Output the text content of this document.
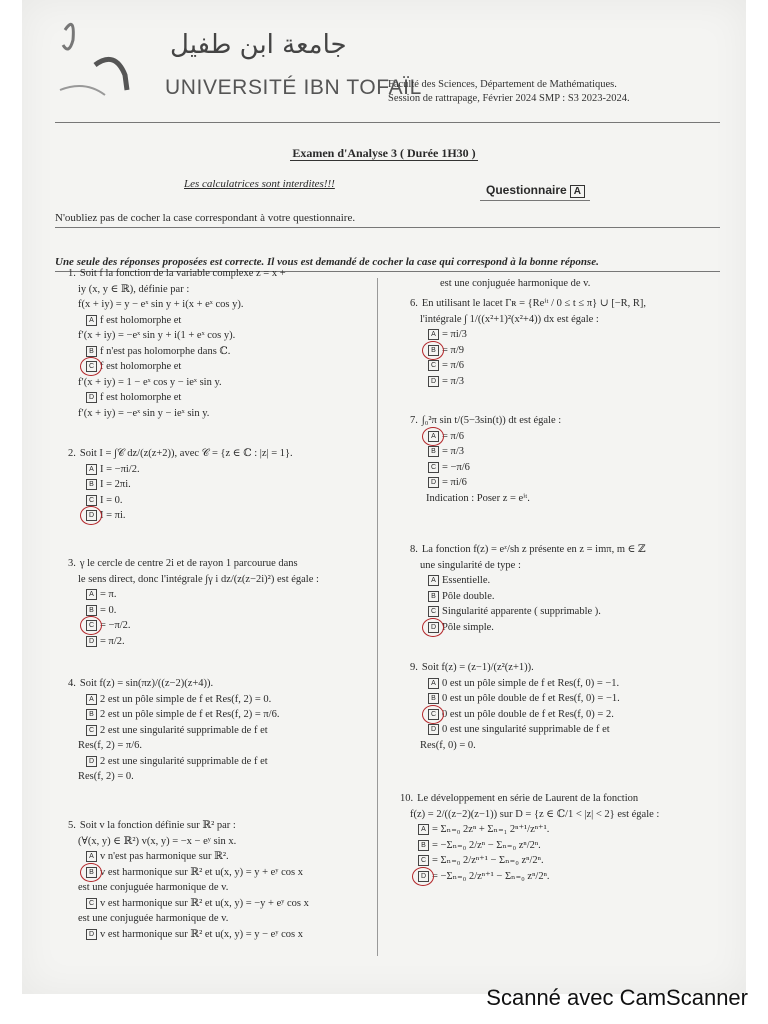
جامعة ابن طفيل
UNIVERSITÉ IBN TOFAÏL
Faculté des Sciences, Département de Mathématiques.
Session de rattrapage, Février 2024 SMP : S3 2023-2024.
Examen d'Analyse 3 ( Durée 1H30 )
Les calculatrices sont interdites!!!	Questionnaire A
N'oubliez pas de cocher la case correspondant à votre questionnaire.
Une seule des réponses proposées est correcte. Il vous est demandé de cocher la case qui correspond à la bonne réponse.
1. Soit f la fonction de la variable complexe z = x +

iy (x, y ∈ ℝ), définie par :
f(x + iy) = y − eˣ sin y + i(x + eˣ cos y).
A f est holomorphe et
f′(x + iy) = −eˣ sin y + i(1 + eˣ cos y).
B f n'est pas holomorphe dans ℂ.
C f est holomorphe et
f′(x + iy) = 1 − eˣ cos y − ieˣ sin y.
D f est holomorphe et
f′(x + iy) = −eˣ sin y − ieˣ sin y.
2. Soit I = ∫𝒞 dz/(z(z+2)), avec 𝒞 = {z ∈ ℂ : |z| = 1}.

A I = −πi/2.
B I = 2πi.
C I = 0.
D I = πi.
3. γ le cercle de centre 2i et de rayon 1 parcourue dans

le sens direct, donc l'intégrale ∫γ i dz/(z(z−2i)²) est égale :
A = π.
B = 0.
C = −π/2.
D = π/2.
4. Soit f(z) = sin(πz)/((z−2)(z+4)).

A 2 est un pôle simple de f et Res(f, 2) = 0.
B 2 est un pôle simple de f et Res(f, 2) = π/6.
C 2 est une singularité supprimable de f et
Res(f, 2) = π/6.
D 2 est une singularité supprimable de f et
Res(f, 2) = 0.
5. Soit v la fonction définie sur ℝ² par :

(∀(x, y) ∈ ℝ²) v(x, y) = −x − eʸ sin x.
A v n'est pas harmonique sur ℝ².
B v est harmonique sur ℝ² et u(x, y) = y + eʸ cos x
est une conjuguée harmonique de v.
C v est harmonique sur ℝ² et u(x, y) = −y + eʸ cos x
est une conjuguée harmonique de v.
D v est harmonique sur ℝ² et u(x, y) = y − eʸ cos x
est une conjuguée harmonique de v.
6. En utilisant le lacet Γʀ = {Reⁱᵗ / 0 ≤ t ≤ π} ∪ [−R, R],

l'intégrale ∫ 1/((x²+1)²(x²+4)) dx est égale :
A = πi/3
B = π/9
C = π/6
D = π/3
7. ∫₀²π sin t/(5−3sin(t)) dt est égale :

A = π/6
B = π/3
C = −π/6
D = πi/6
Indication : Poser z = eⁱᵗ.
8. La fonction f(z) = eᶻ/sh z présente en z = imπ, m ∈ ℤ

une singularité de type :
A Essentielle.
B Pôle double.
C Singularité apparente ( supprimable ).
D Pôle simple.
9. Soit f(z) = (z−1)/(z²(z+1)).

A 0 est un pôle simple de f et Res(f, 0) = −1.
B 0 est un pôle double de f et Res(f, 0) = −1.
C 0 est un pôle double de f et Res(f, 0) = 2.
D 0 est une singularité supprimable de f et
Res(f, 0) = 0.
10. Le développement en série de Laurent de la fonction

f(z) = 2/((z−2)(z−1)) sur D = {z ∈ ℂ/1 < |z| < 2} est égale :
A = Σₙ₌₀ 2zⁿ + Σₙ₌₁ 2ⁿ⁺¹/zⁿ⁺¹.
B = −Σₙ₌₀ 2/zⁿ − Σₙ₌₀ zⁿ/2ⁿ.
C = Σₙ₌₀ 2/zⁿ⁺¹ − Σₙ₌₀ zⁿ/2ⁿ.
D = −Σₙ₌₀ 2/zⁿ⁺¹ − Σₙ₌₀ zⁿ/2ⁿ.
Scanné avec CamScanner
